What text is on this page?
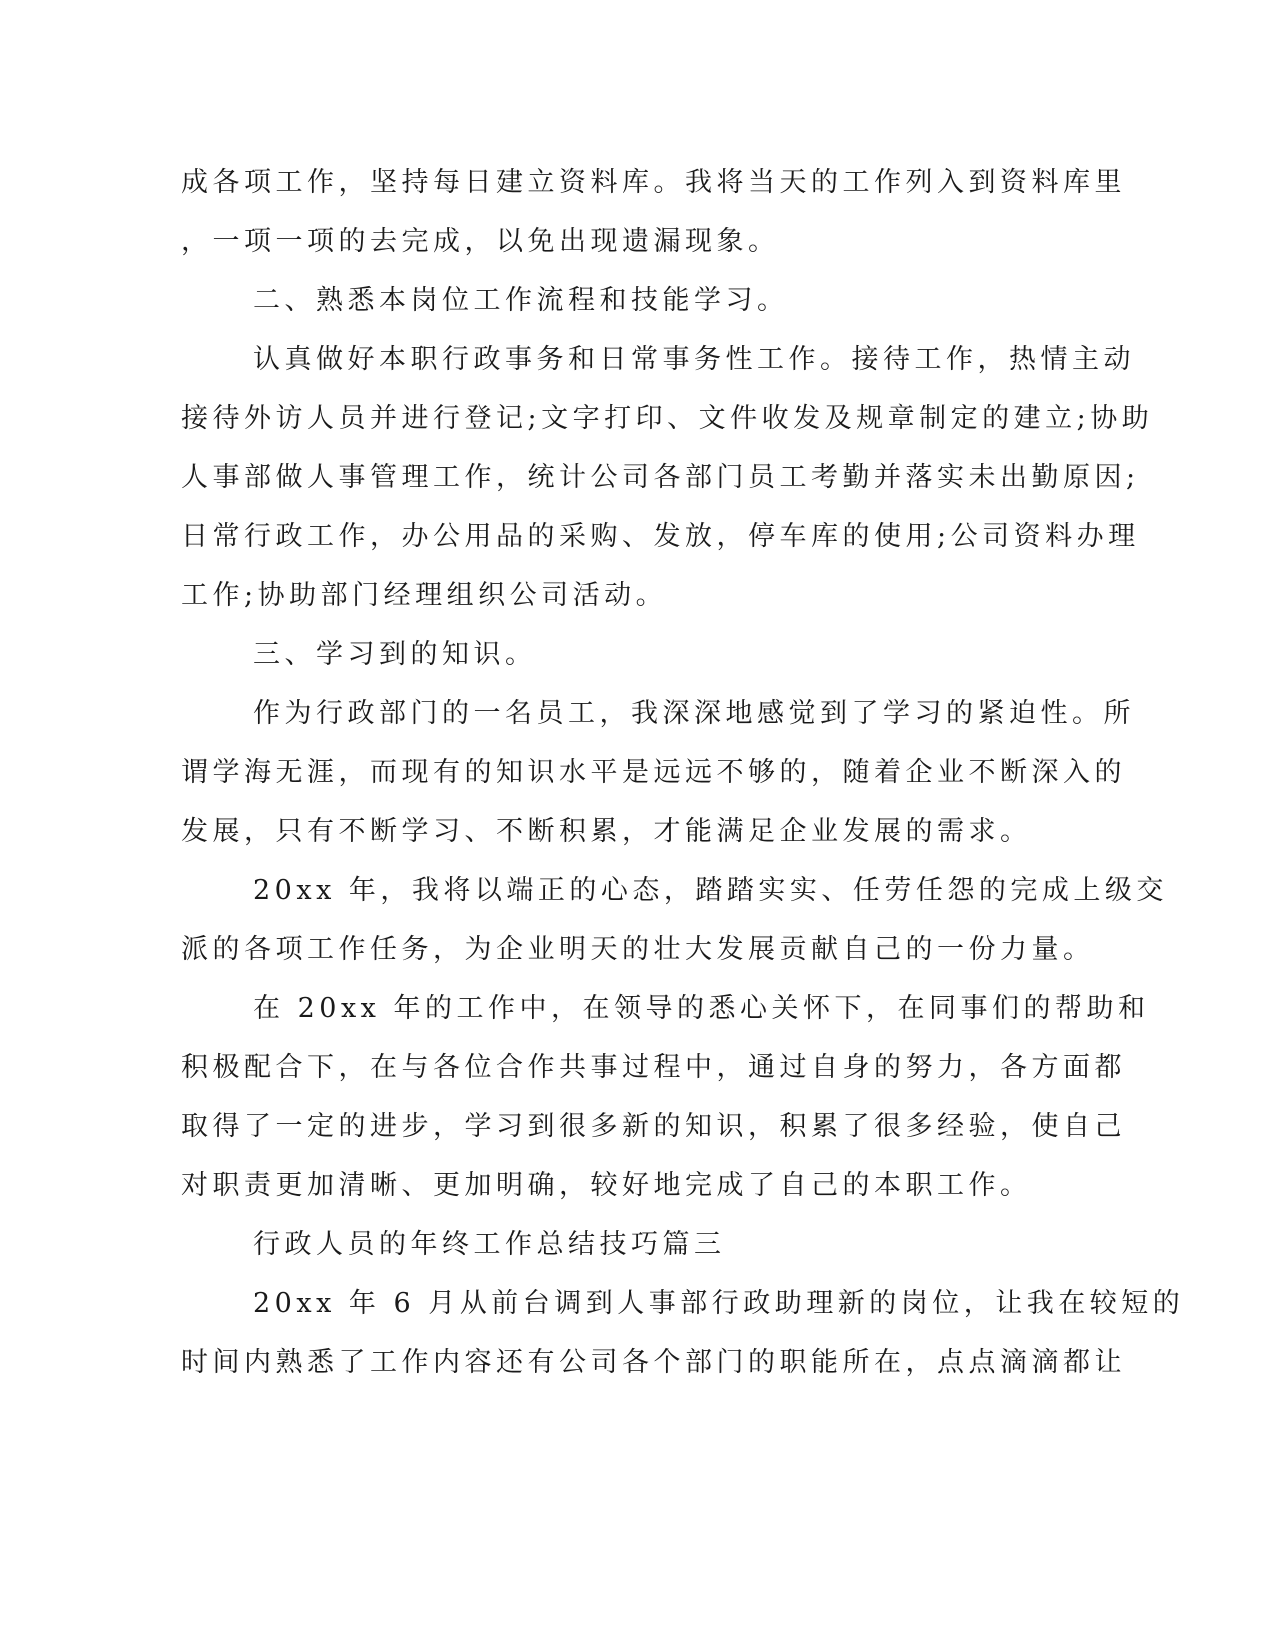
成各项工作，坚持每日建立资料库。我将当天的工作列入到资料库里
，一项一项的去完成，以免出现遗漏现象。
二、熟悉本岗位工作流程和技能学习。
认真做好本职行政事务和日常事务性工作。接待工作，热情主动
接待外访人员并进行登记;文字打印、文件收发及规章制定的建立;协助
人事部做人事管理工作，统计公司各部门员工考勤并落实未出勤原因;
日常行政工作，办公用品的采购、发放，停车库的使用;公司资料办理
工作;协助部门经理组织公司活动。
三、学习到的知识。
作为行政部门的一名员工，我深深地感觉到了学习的紧迫性。所
谓学海无涯，而现有的知识水平是远远不够的，随着企业不断深入的
发展，只有不断学习、不断积累，才能满足企业发展的需求。
20xx 年，我将以端正的心态，踏踏实实、任劳任怨的完成上级交
派的各项工作任务，为企业明天的壮大发展贡献自己的一份力量。
在 20xx 年的工作中，在领导的悉心关怀下，在同事们的帮助和
积极配合下，在与各位合作共事过程中，通过自身的努力，各方面都
取得了一定的进步，学习到很多新的知识，积累了很多经验，使自己
对职责更加清晰、更加明确，较好地完成了自己的本职工作。
行政人员的年终工作总结技巧篇三
20xx 年 6 月从前台调到人事部行政助理新的岗位，让我在较短的
时间内熟悉了工作内容还有公司各个部门的职能所在，点点滴滴都让
